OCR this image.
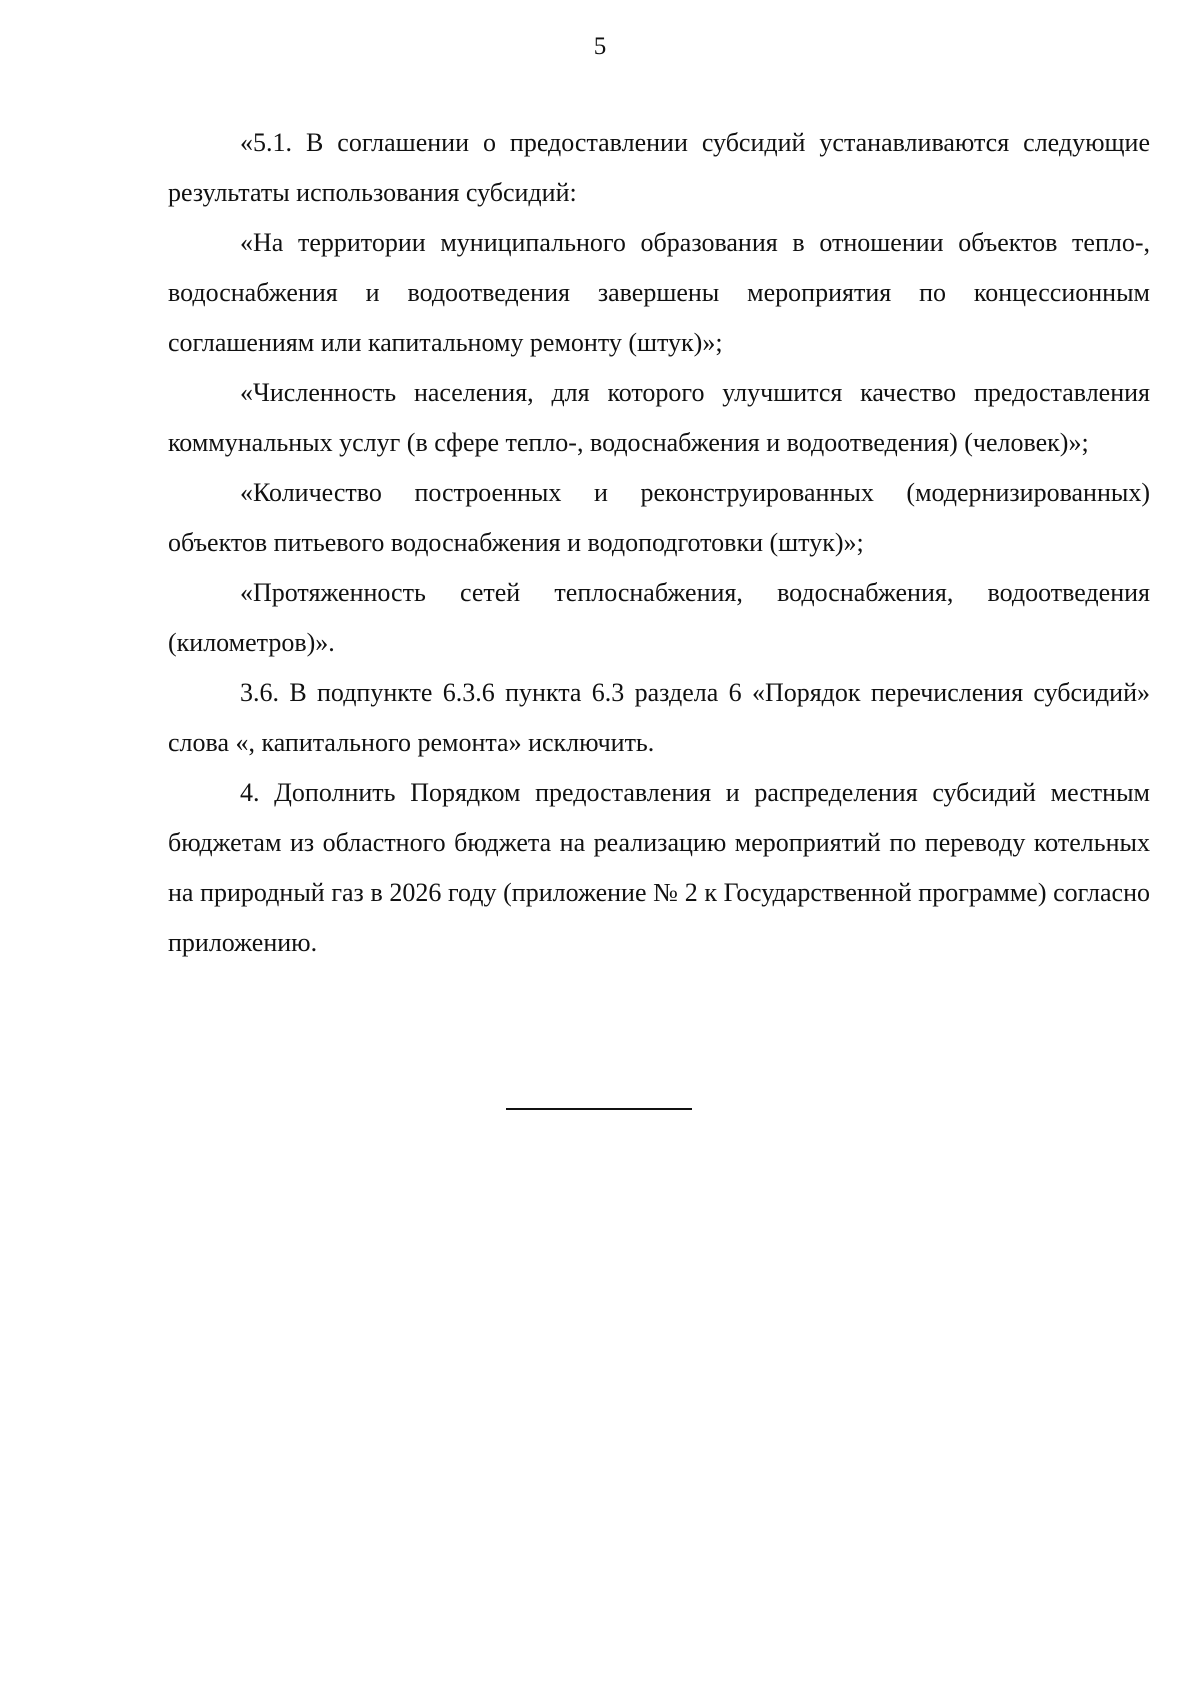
5

«5.1. В соглашении о предоставлении субсидий устанавливаются следующие результаты использования субсидий:

«На территории муниципального образования в отношении объектов тепло-, водоснабжения и водоотведения завершены мероприятия по концессионным соглашениям или капитальному ремонту (штук)»;

«Численность населения, для которого улучшится качество предоставления коммунальных услуг (в сфере тепло-, водоснабжения и водоотведения) (человек)»;

«Количество построенных и реконструированных (модернизированных) объектов питьевого водоснабжения и водоподготовки (штук)»;

«Протяженность сетей теплоснабжения, водоснабжения, водоотведения (километров)».

3.6. В подпункте 6.3.6 пункта 6.3 раздела 6 «Порядок перечисления субсидий» слова «, капитального ремонта» исключить.

4. Дополнить Порядком предоставления и распределения субсидий местным бюджетам из областного бюджета на реализацию мероприятий по переводу котельных на природный газ в 2026 году (приложение № 2 к Государственной программе) согласно приложению.
